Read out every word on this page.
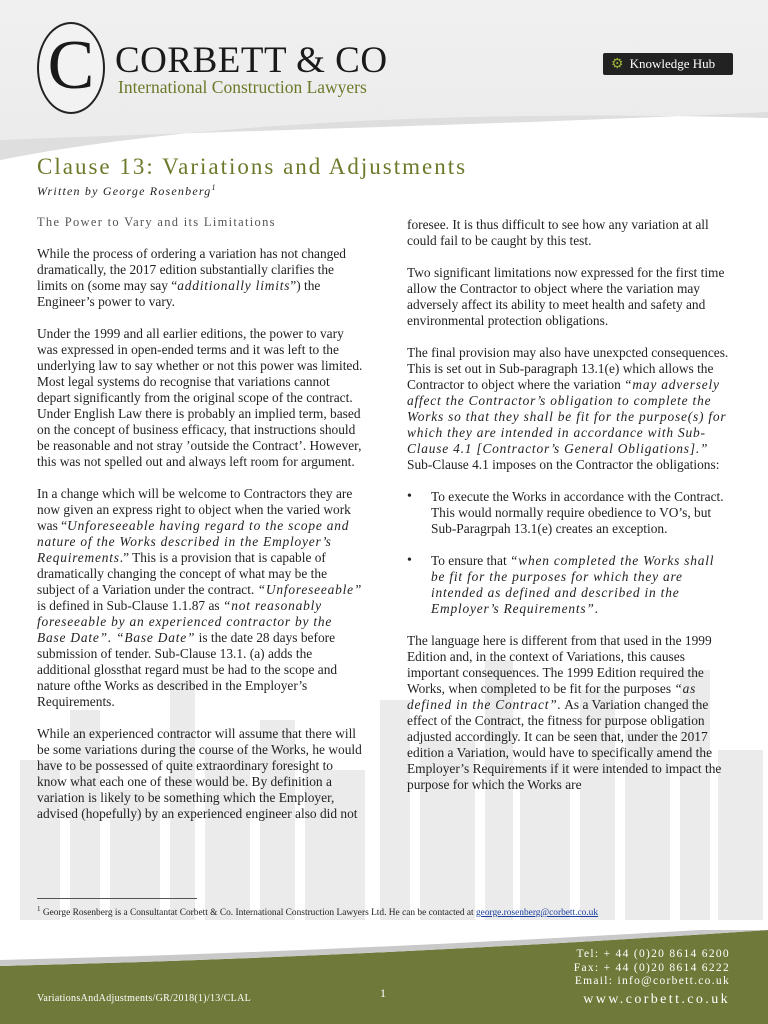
C CORBETT & CO
International Construction Lawyers
⚙ Knowledge Hub
Clause 13: Variations and Adjustments
Written by George Rosenberg$^1$

The Power to Vary and its Limitations

While the process of ordering a variation has not changed dramatically, the 2017 edition substantially clarifies the limits on (some may say “additionally limits”) the Engineer’s power to vary.

Under the 1999 and all earlier editions, the power to vary was expressed in open-ended terms and it was left to the underlying law to say whether or not this power was limited. Most legal systems do recognise that variations cannot depart significantly from the original scope of the contract. Under English Law there is probably an implied term, based on the concept of business efficacy, that instructions should be reasonable and not stray ’outside the Contract’. However, this was not spelled out and always left room for argument.

In a change which will be welcome to Contractors they are now given an express right to object when the varied work was “Unforeseeable having regard to the scope and nature of the Works described in the Employer’s Requirements.” This is a provision that is capable of dramatically changing the concept of what may be the subject of a Variation under the contract. “Unforeseeable” is defined in Sub-Clause 1.1.87 as “not reasonably foreseeable by an experienced contractor by the Base Date”. “Base Date” is the date 28 days before submission of tender. Sub-Clause 13.1. (a) adds the additional glossthat regard must be had to the scope and nature ofthe Works as described in the Employer’s Requirements.

While an experienced contractor will assume that there will be some variations during the course of the Works, he would have to be possessed of quite extraordinary foresight to know what each one of these would be. By definition a variation is likely to be something which the Employer, advised (hopefully) by an experienced engineer also did not

foresee. It is thus difficult to see how any variation at all could fail to be caught by this test.

Two significant limitations now expressed for the first time allow the Contractor to object where the variation may adversely affect its ability to meet health and safety and environmental protection obligations.

The final provision may also have unexpcted consequences. This is set out in Sub-paragraph 13.1(e) which allows the Contractor to object where the variation “may adversely affect the Contractor’s obligation to complete the Works so that they shall be fit for the purpose(s) for which they are intended in accordance with Sub-Clause 4.1 [Contractor’s General Obligations].”

Sub-Clause 4.1 imposes on the Contractor the obligations:

• To execute the Works in accordance with the Contract. This would normally require obedience to VO’s, but Sub-Paragrpah 13.1(e) creates an exception.
• To ensure that “when completed the Works shall be fit for the purposes for which they are intended as defined and described in the Employer’s Requirements”.

The language here is different from that used in the 1999 Edition and, in the context of Variations, this causes important consequences. The 1999 Edition required the Works, when completed to be fit for the purposes “as defined in the Contract”. As a Variation changed the effect of the Contract, the fitness for purpose obligation adjusted accordingly. It can be seen that, under the 2017 edition a Variation, would have to specifically amend the Employer’s Requirements if it were intended to impact the purpose for which the Works are

$^1$ George Rosenberg is a Consultantat Corbett & Co. International Construction Lawyers Ltd. He can be contacted at george.rosenberg@corbett.co.uk
Tel: + 44 (0)20 8614 6200
Fax: + 44 (0)20 8614 6222
Email: info@corbett.co.uk
www.corbett.co.uk
VariationsAndAdjustments/GR/2018(1)/13/CLAL	1
